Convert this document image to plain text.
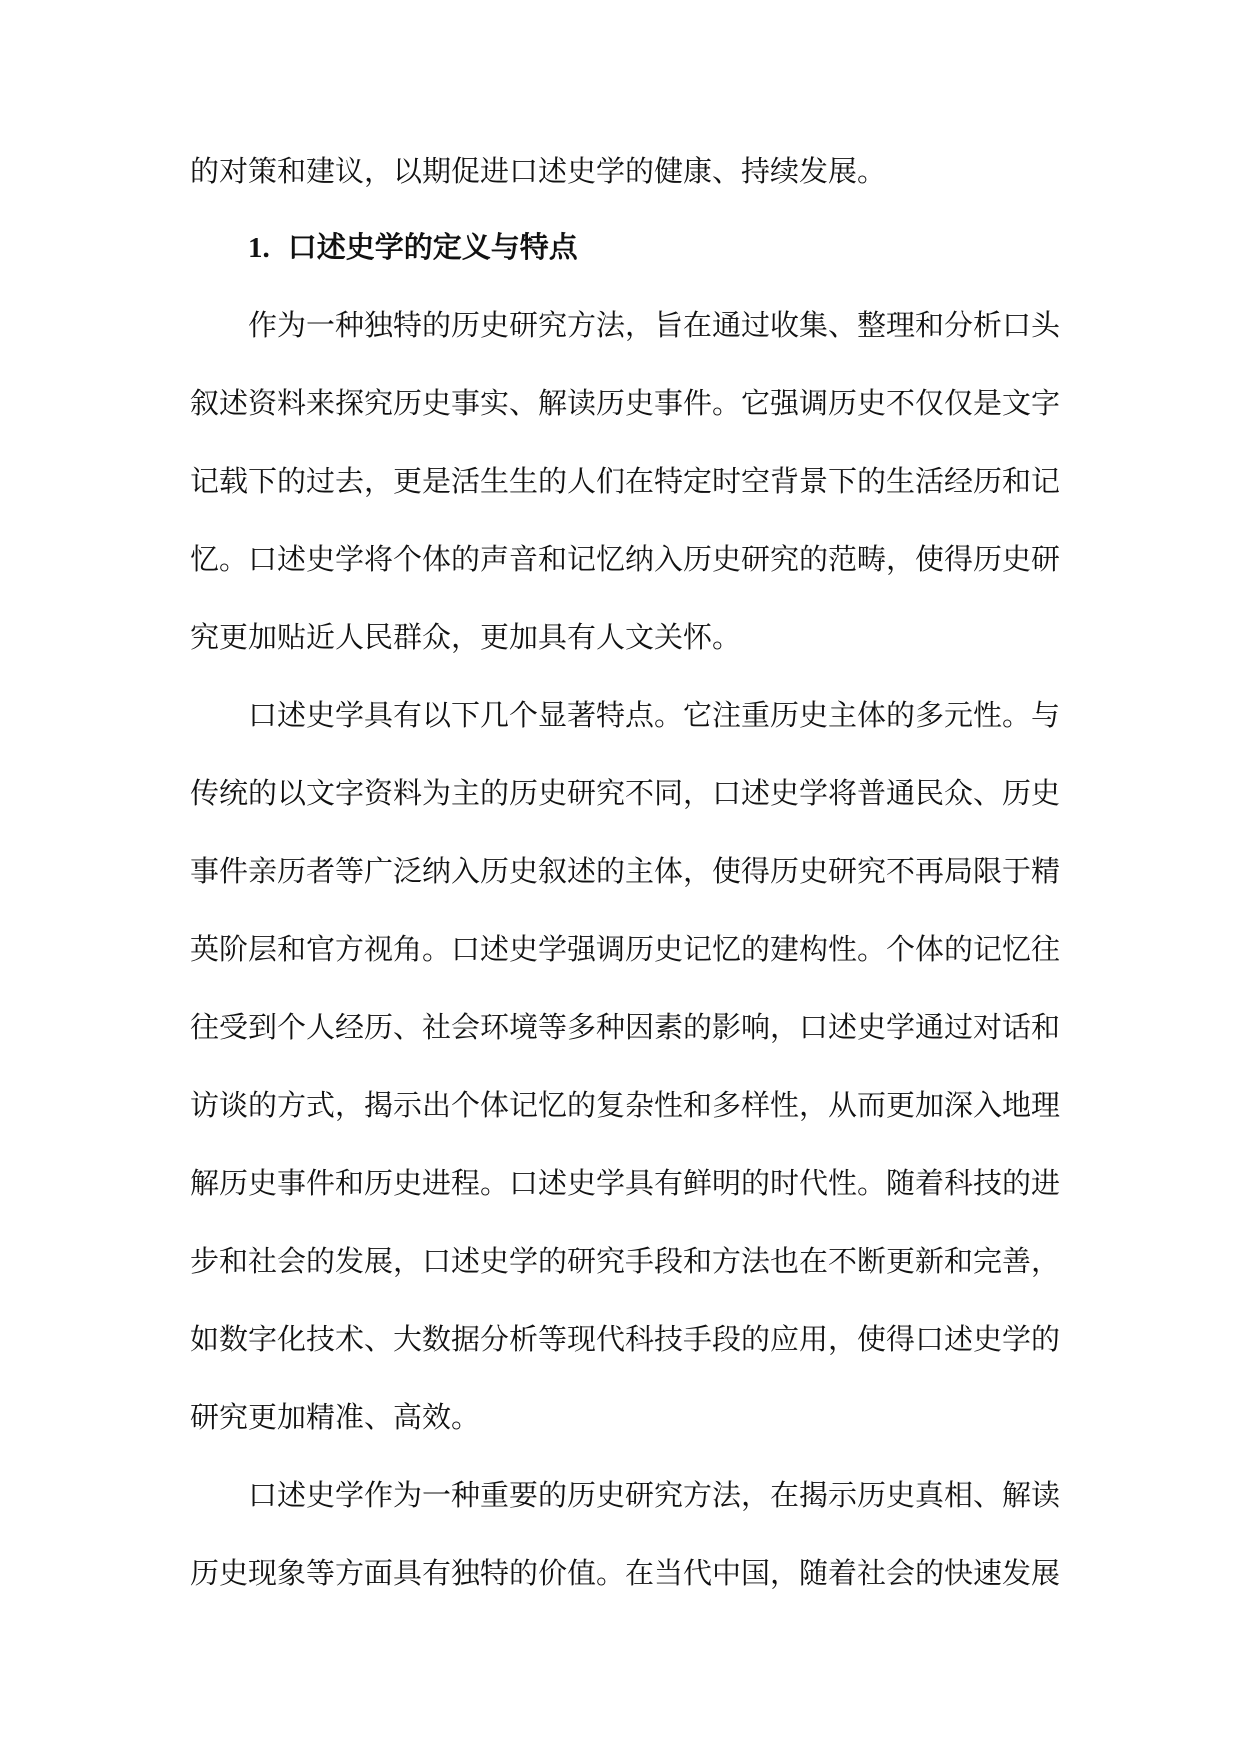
的对策和建议，以期促进口述史学的健康、持续发展。
1. 口述史学的定义与特点
作为一种独特的历史研究方法，旨在通过收集、整理和分析口头
叙述资料来探究历史事实、解读历史事件。它强调历史不仅仅是文字
记载下的过去，更是活生生的人们在特定时空背景下的生活经历和记
忆。口述史学将个体的声音和记忆纳入历史研究的范畴，使得历史研
究更加贴近人民群众，更加具有人文关怀。
口述史学具有以下几个显著特点。它注重历史主体的多元性。与
传统的以文字资料为主的历史研究不同，口述史学将普通民众、历史
事件亲历者等广泛纳入历史叙述的主体，使得历史研究不再局限于精
英阶层和官方视角。口述史学强调历史记忆的建构性。个体的记忆往
往受到个人经历、社会环境等多种因素的影响，口述史学通过对话和
访谈的方式，揭示出个体记忆的复杂性和多样性，从而更加深入地理
解历史事件和历史进程。口述史学具有鲜明的时代性。随着科技的进
步和社会的发展，口述史学的研究手段和方法也在不断更新和完善，
如数字化技术、大数据分析等现代科技手段的应用，使得口述史学的
研究更加精准、高效。
口述史学作为一种重要的历史研究方法，在揭示历史真相、解读
历史现象等方面具有独特的价值。在当代中国，随着社会的快速发展
